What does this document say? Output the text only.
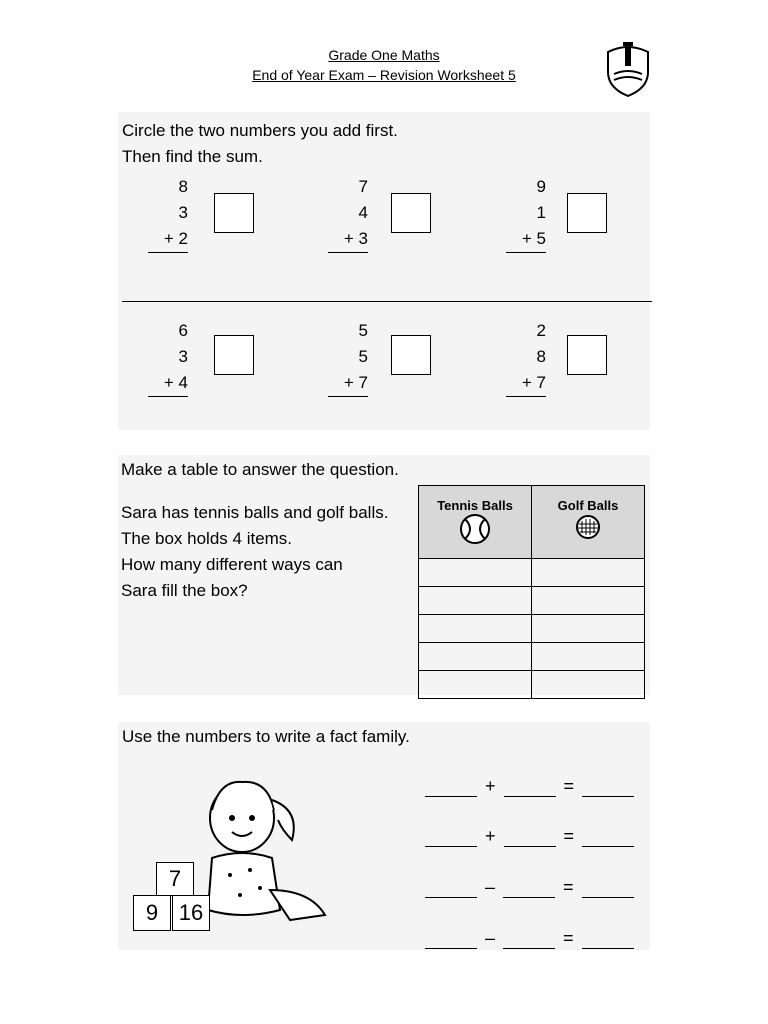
Grade One Maths
End of Year Exam – Revision Worksheet 5
Circle the two numbers you add first.
Then find the sum.
8
3
+ 2
7
4
+ 3
9
1
+ 5
6
3
+ 4
5
5
+ 7
2
8
+ 7
Make a table to answer the question.
Sara has tennis balls and golf balls.
The box holds 4 items.
How many different ways can
Sara fill the box?
Tennis Balls	Golf Balls

Use the numbers to write a fact family.
7
9 16
+	=
+	=
–	=
–	=
